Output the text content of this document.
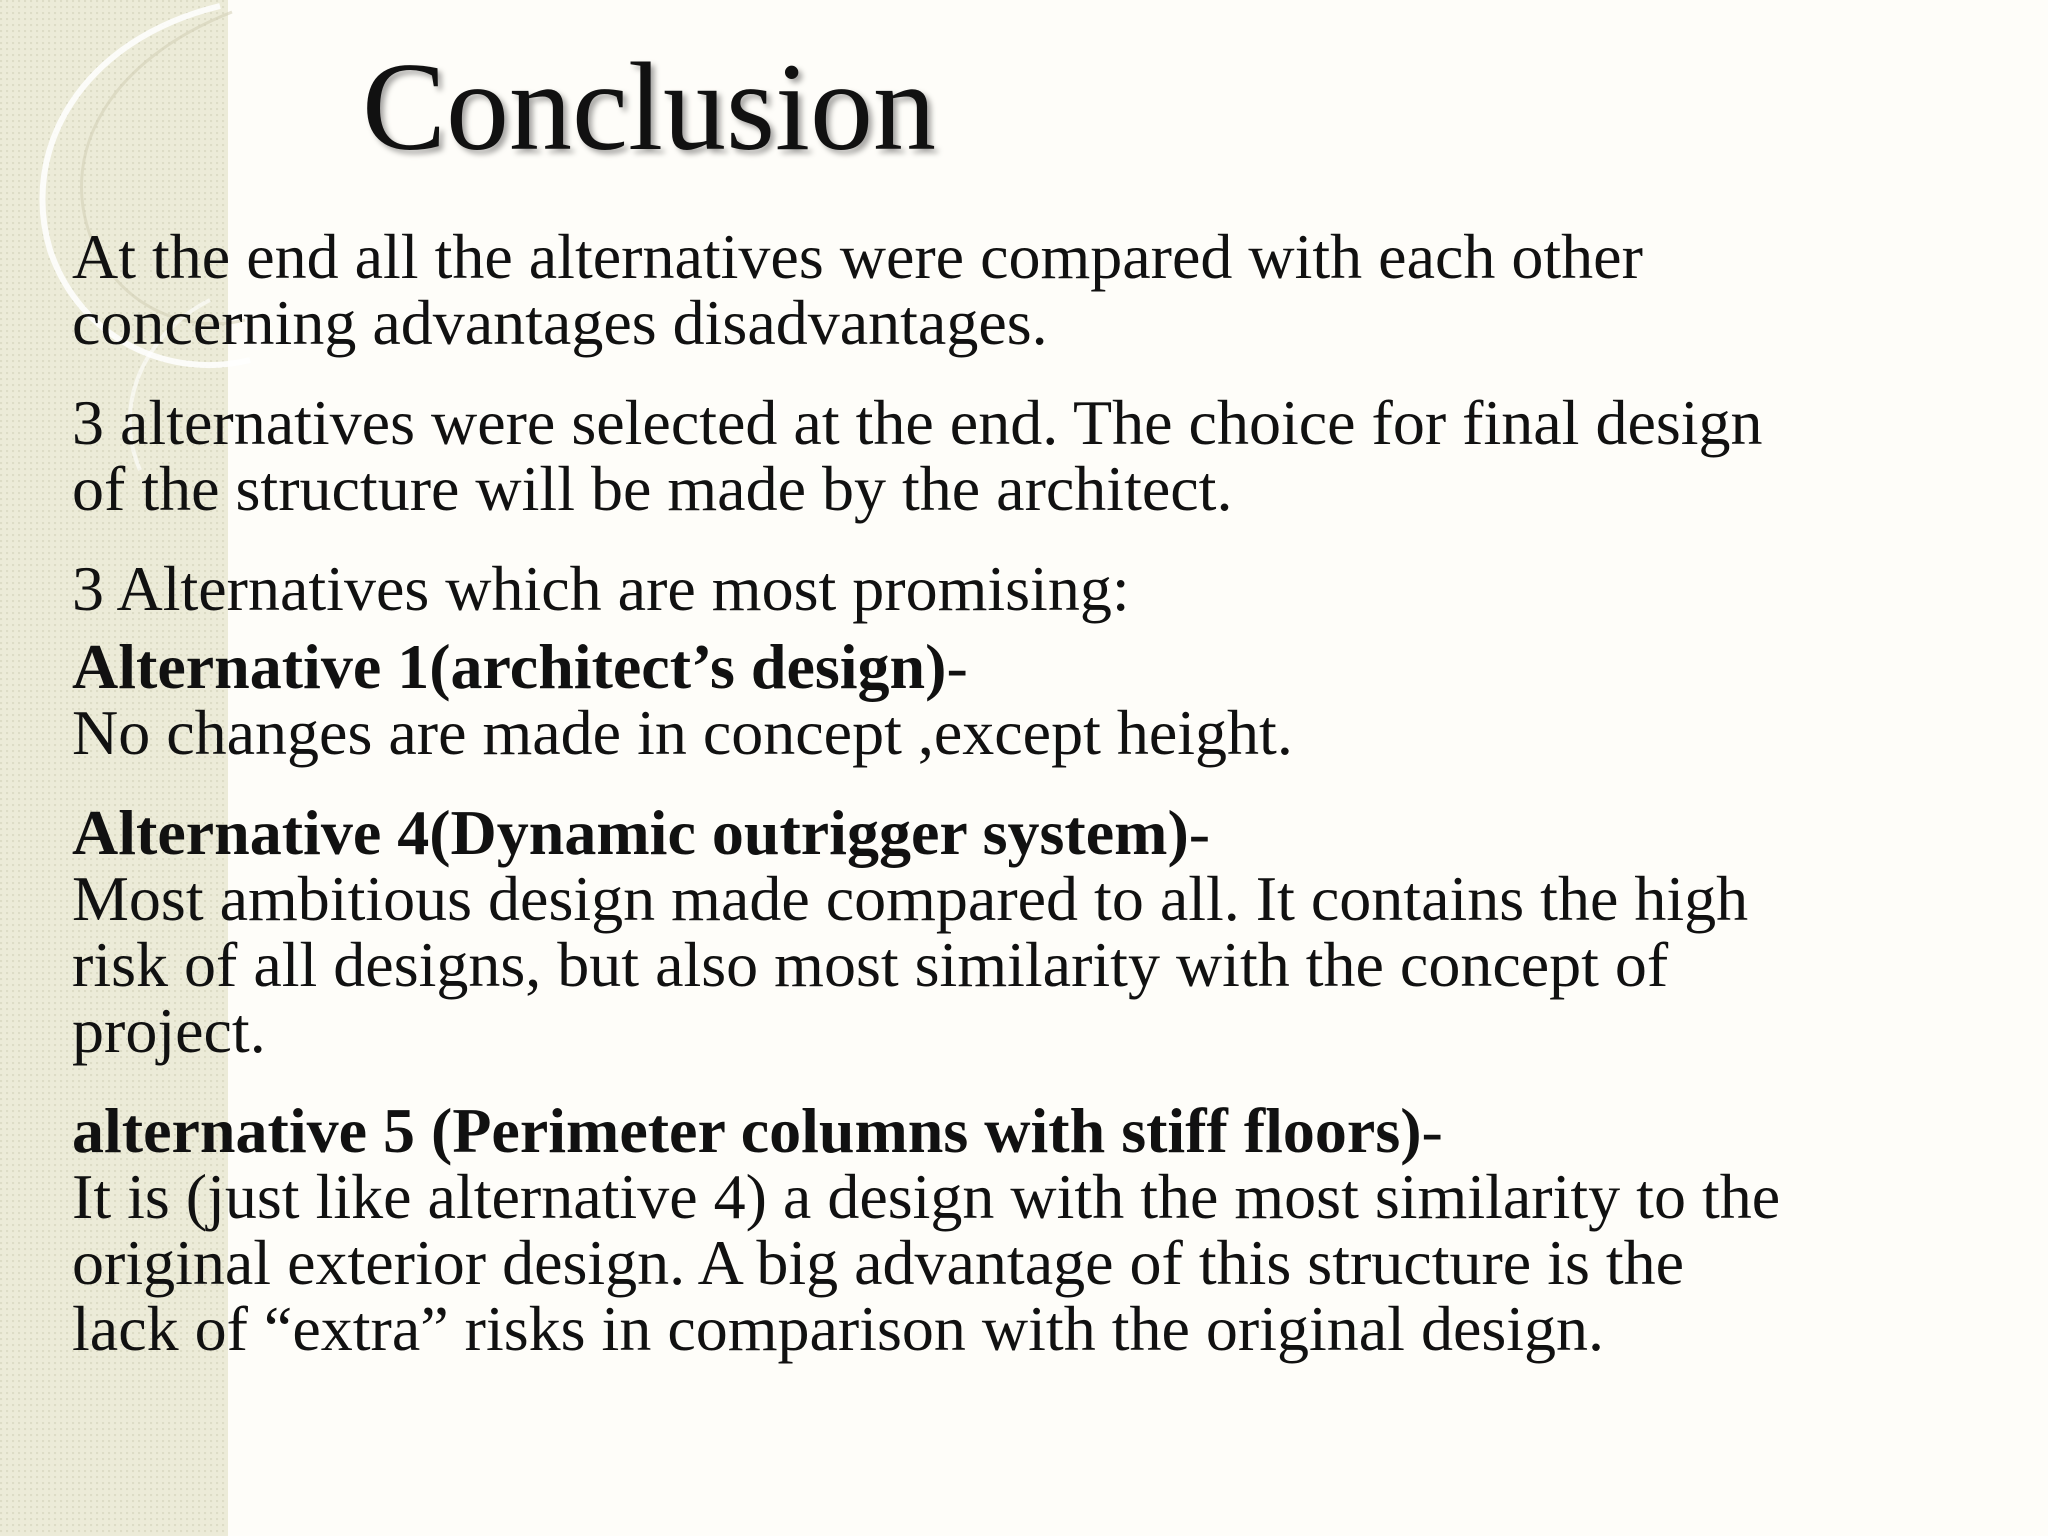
Conclusion

At the end all the alternatives were compared with each other
concerning advantages disadvantages.

3 alternatives were selected at the end. The choice for final design
of the structure will be made by the architect.

3 Alternatives which are most promising:

Alternative 1(architect’s design)-
No changes are made in concept ,except height.
Alternative 4(Dynamic outrigger system)-
Most ambitious design made compared to all. It contains the high
risk of all designs, but also most similarity with the concept of
project.
alternative 5 (Perimeter columns with stiff floors)-
It is (just like alternative 4) a design with the most similarity to the
original exterior design. A big advantage of this structure is the
lack of “extra” risks in comparison with the original design.
